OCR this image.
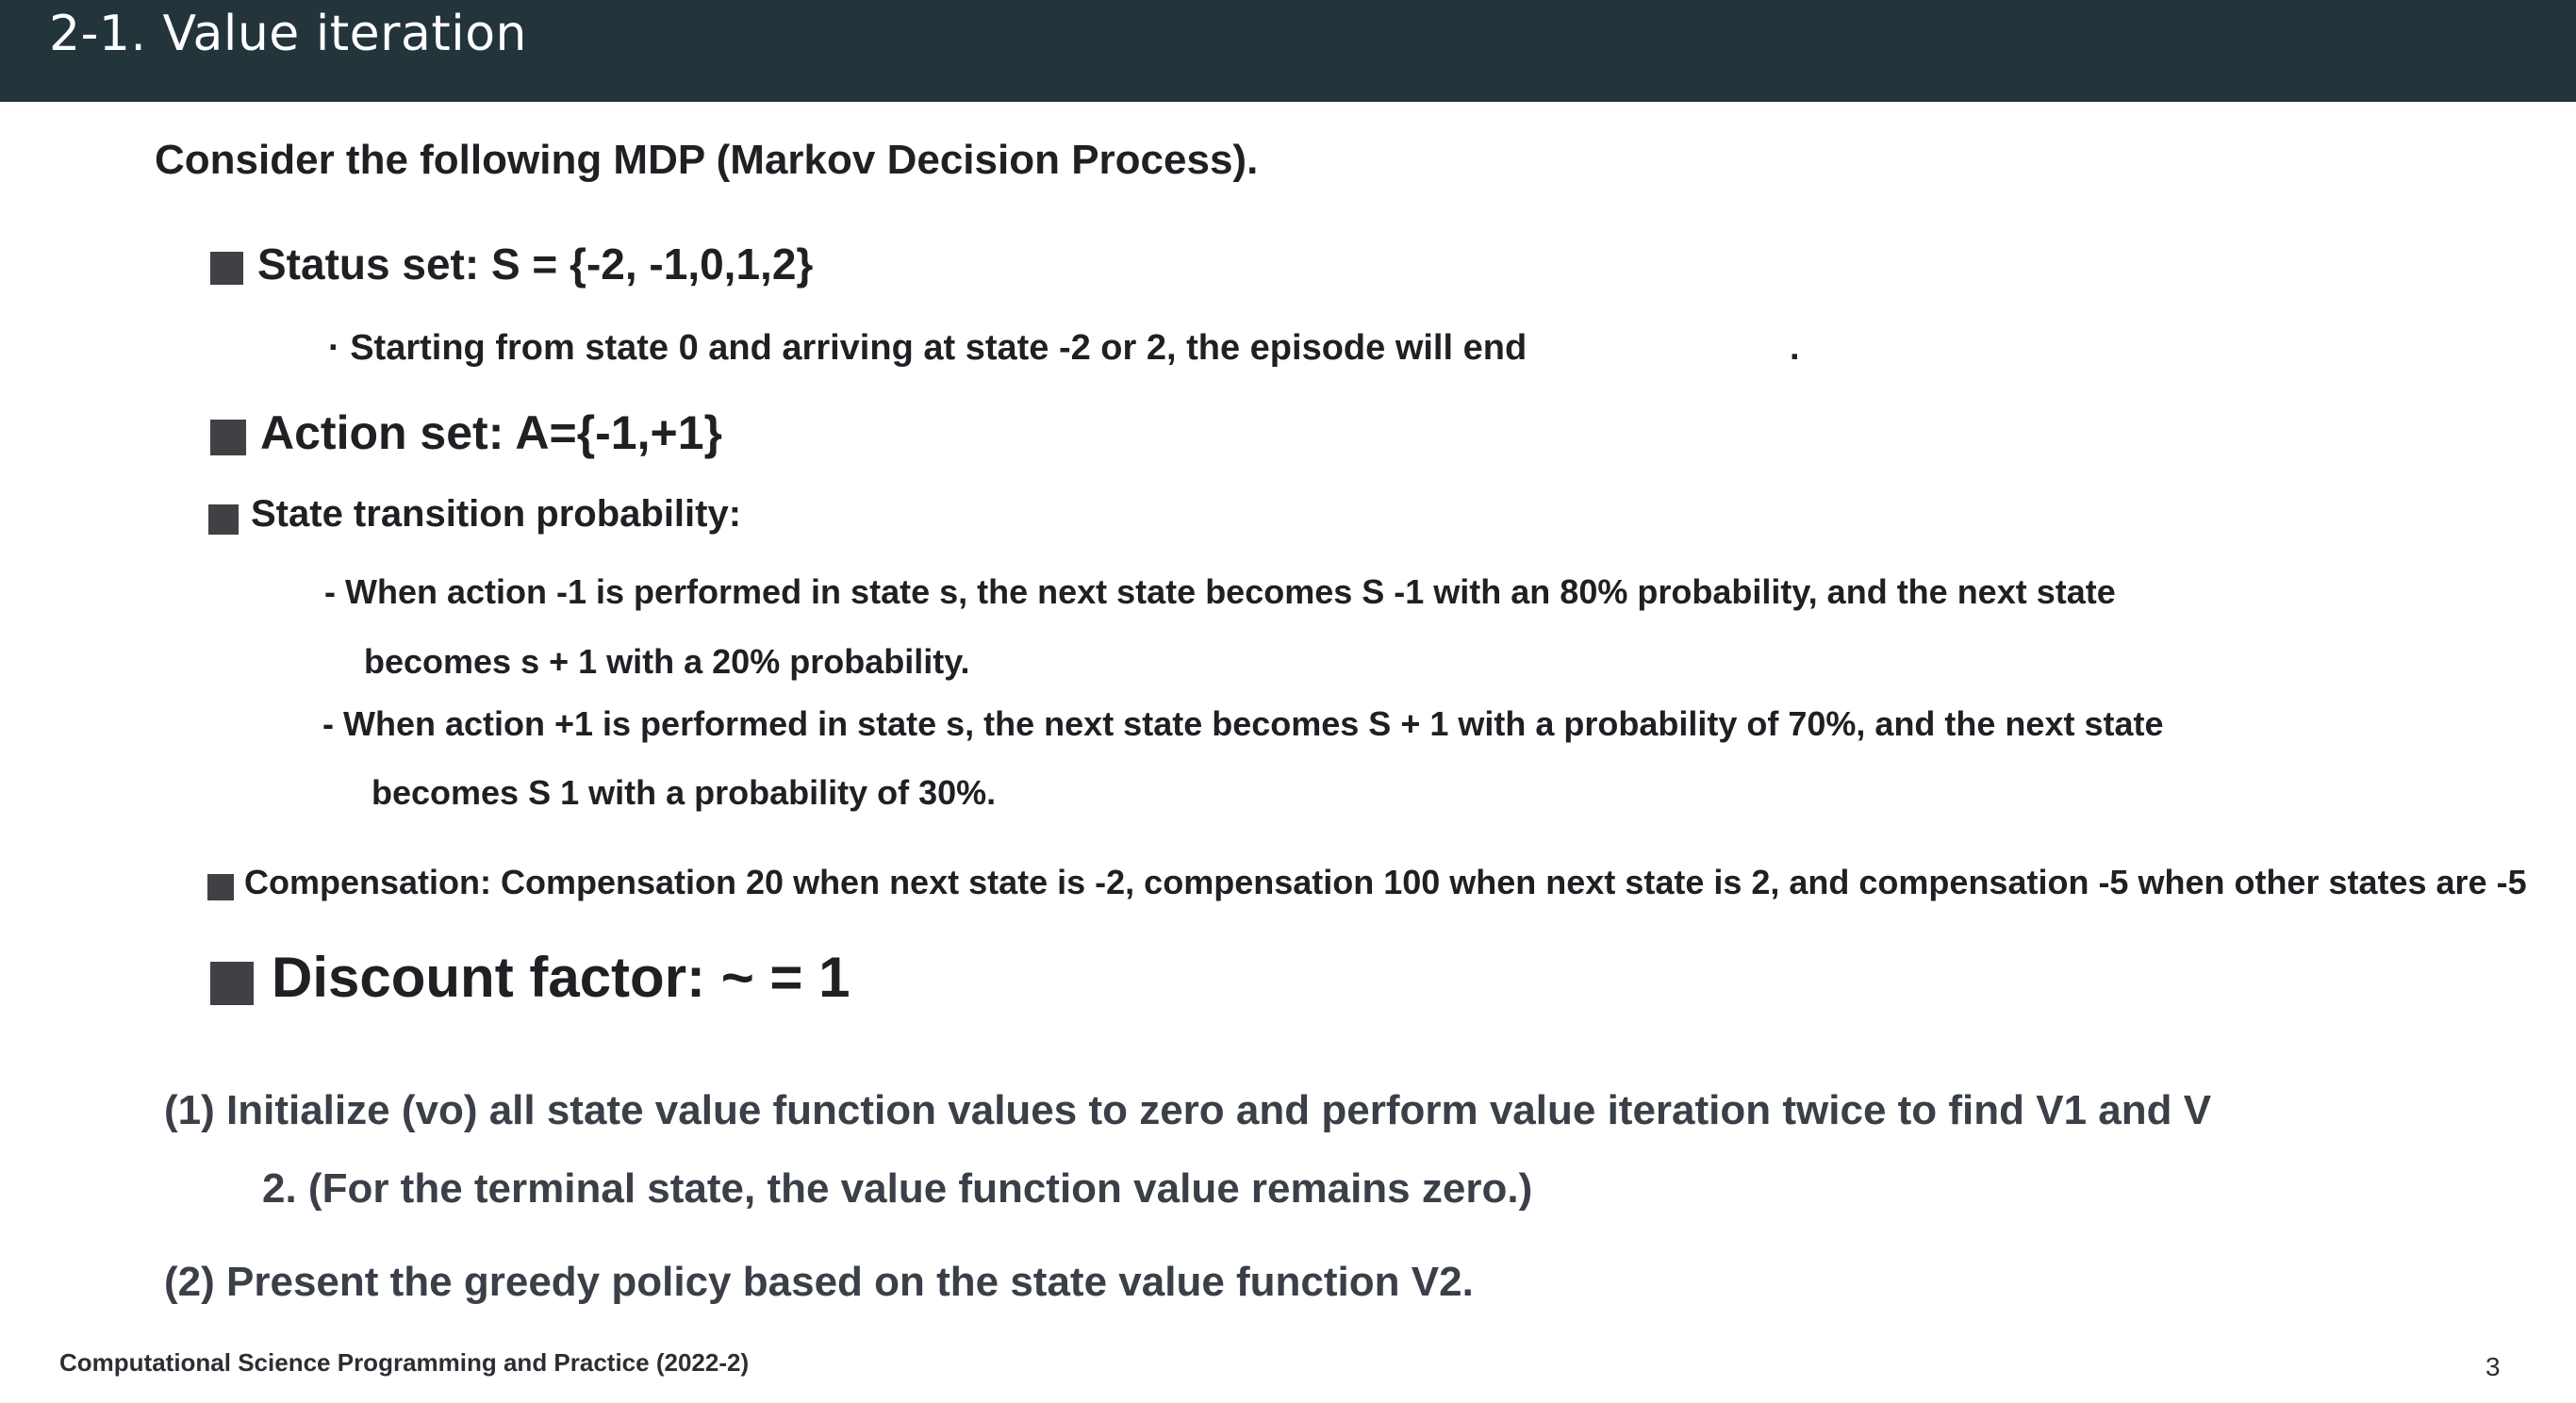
2-1. Value iteration
Consider the following MDP (Markov Decision Process).
Status set: S = {-2, -1,0,1,2}
· Starting from state 0 and arriving at state -2 or 2, the episode will end	.
Action set: A={-1,+1}
State transition probability:
- When action -1 is performed in state s, the next state becomes S -1 with an 80% probability, and the next state
becomes s + 1 with a 20% probability.
- When action +1 is performed in state s, the next state becomes S + 1 with a probability of 70%, and the next state
becomes S 1 with a probability of 30%.
Compensation: Compensation 20 when next state is -2, compensation 100 when next state is 2, and compensation -5 when other states are -5
Discount factor: ~ = 1
(1) Initialize (vo) all state value function values to zero and perform value iteration twice to find V1 and V
2. (For the terminal state, the value function value remains zero.)
(2) Present the greedy policy based on the state value function V2.
Computational Science Programming and Practice (2022-2)	3
